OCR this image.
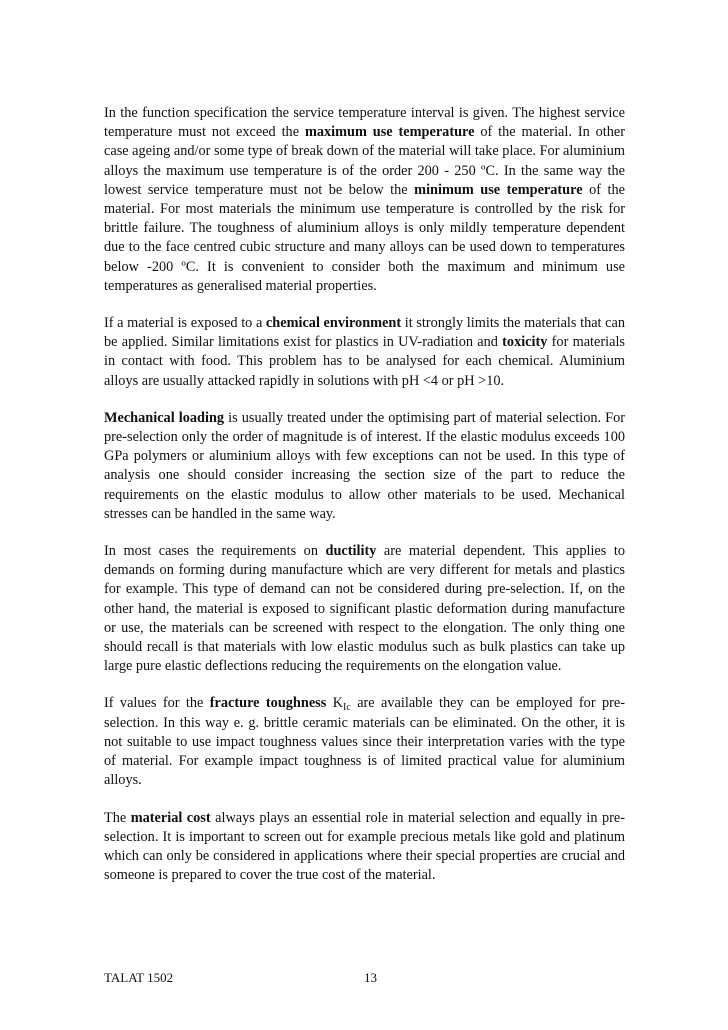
In the function specification the service temperature interval is given. The highest service temperature must not exceed the maximum use temperature of the material. In other case ageing and/or some type of break down of the material will take place. For aluminium alloys the maximum use temperature is of the order 200 - 250 ºC. In the same way the lowest service temperature must not be below the minimum use temperature of the material. For most materials the minimum use temperature is controlled by the risk for brittle failure. The toughness of aluminium alloys is only mildly temperature dependent due to the face centred cubic structure and many alloys can be used down to temperatures below -200 ºC. It is convenient to consider both the maximum and minimum use temperatures as generalised material properties.

If a material is exposed to a chemical environment it strongly limits the materials that can be applied. Similar limitations exist for plastics in UV-radiation and toxicity for materials in contact with food. This problem has to be analysed for each chemical. Aluminium alloys are usually attacked rapidly in solutions with pH <4 or pH >10.

Mechanical loading is usually treated under the optimising part of material selection. For pre-selection only the order of magnitude is of interest. If the elastic modulus exceeds 100 GPa polymers or aluminium alloys with few exceptions can not be used. In this type of analysis one should consider increasing the section size of the part to reduce the requirements on the elastic modulus to allow other materials to be used. Mechanical stresses can be handled in the same way.

In most cases the requirements on ductility are material dependent. This applies to demands on forming during manufacture which are very different for metals and plastics for example. This type of demand can not be considered during pre-selection. If, on the other hand, the material is exposed to significant plastic deformation during manufacture or use, the materials can be screened with respect to the elongation. The only thing one should recall is that materials with low elastic modulus such as bulk plastics can take up large pure elastic deflections reducing the requirements on the elongation value.

If values for the fracture toughness $K_{Ic}$ are available they can be employed for pre-selection. In this way e. g. brittle ceramic materials can be eliminated. On the other, it is not suitable to use impact toughness values since their interpretation varies with the type of material. For example impact toughness is of limited practical value for aluminium alloys.

The material cost always plays an essential role in material selection and equally in pre-selection. It is important to screen out for example precious metals like gold and platinum which can only be considered in applications where their special properties are crucial and someone is prepared to cover the true cost of the material.

TALAT 1502	13
